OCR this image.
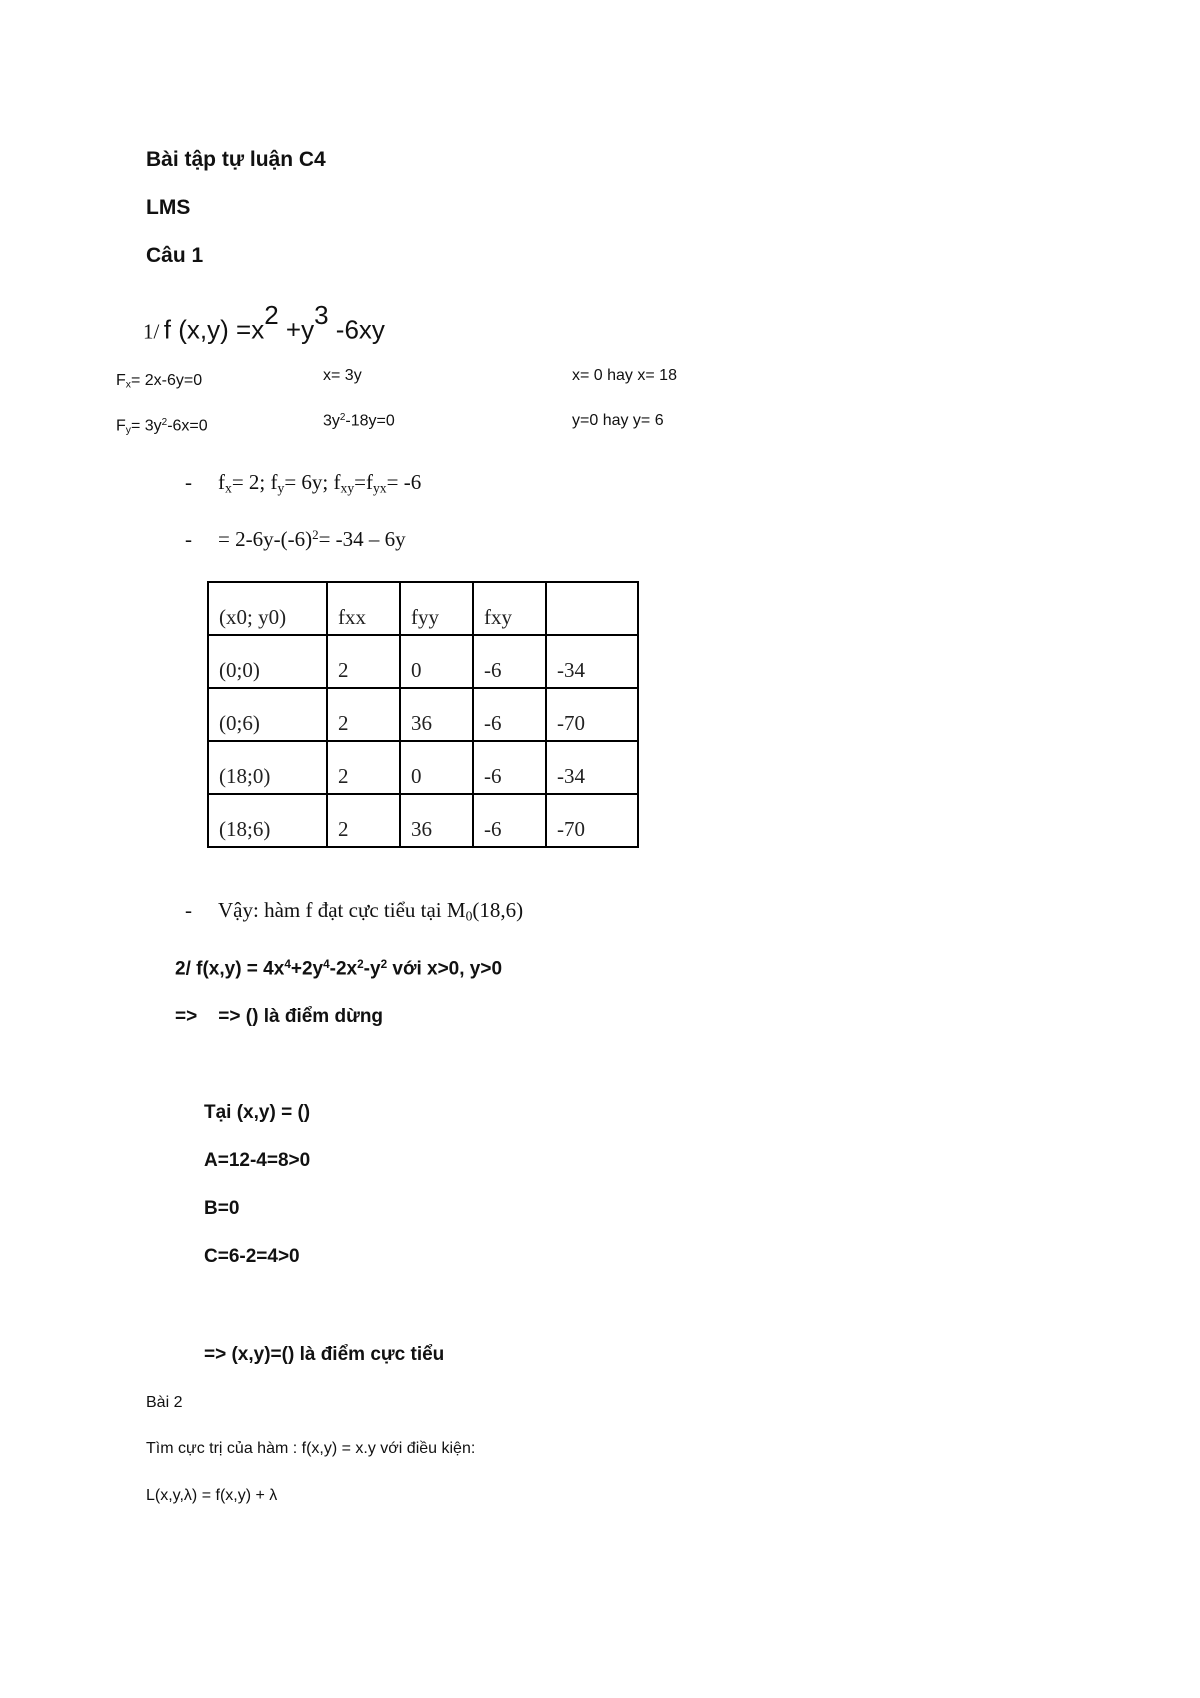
Bài tập tự luận C4
LMS
Câu 1
1/ f $(x,y) =x^2 +y^3$ -6xy
$F_x= 2x-6y=0$	x= 3y	x= 0 hay x= 18
$F_y= 3y^2-6x=0$	$3y^2-18y=0$	y=0 hay y= 6
- $f_x= 2$; $f_y= 6y$; $f_{xy}=f_{yx}= -6$
- = $2-6y-(-6)^2= -34 - 6y$
(x0; y0)	fxx	fyy	fxy	
(0;0)	2	0	-6	-34
(0;6)	2	36	-6	-70
(18;0)	2	0	-6	-34
(18;6)	2	36	-6	-70
- Vậy: hàm f đạt cực tiểu tại $M_0(18,6)$
2/ $f(x,y) = 4x^4+2y^4-2x^2-y^2$ với x>0, y>0
=>    => () là điểm dừng
Tại (x,y) = ()
A=12-4=8>0
B=0
C=6-2=4>0
=> (x,y)=() là điểm cực tiểu
Bài 2
Tìm cực trị của hàm : f(x,y) = x.y với điều kiện:
L(x,y,λ) = f(x,y) + λ
